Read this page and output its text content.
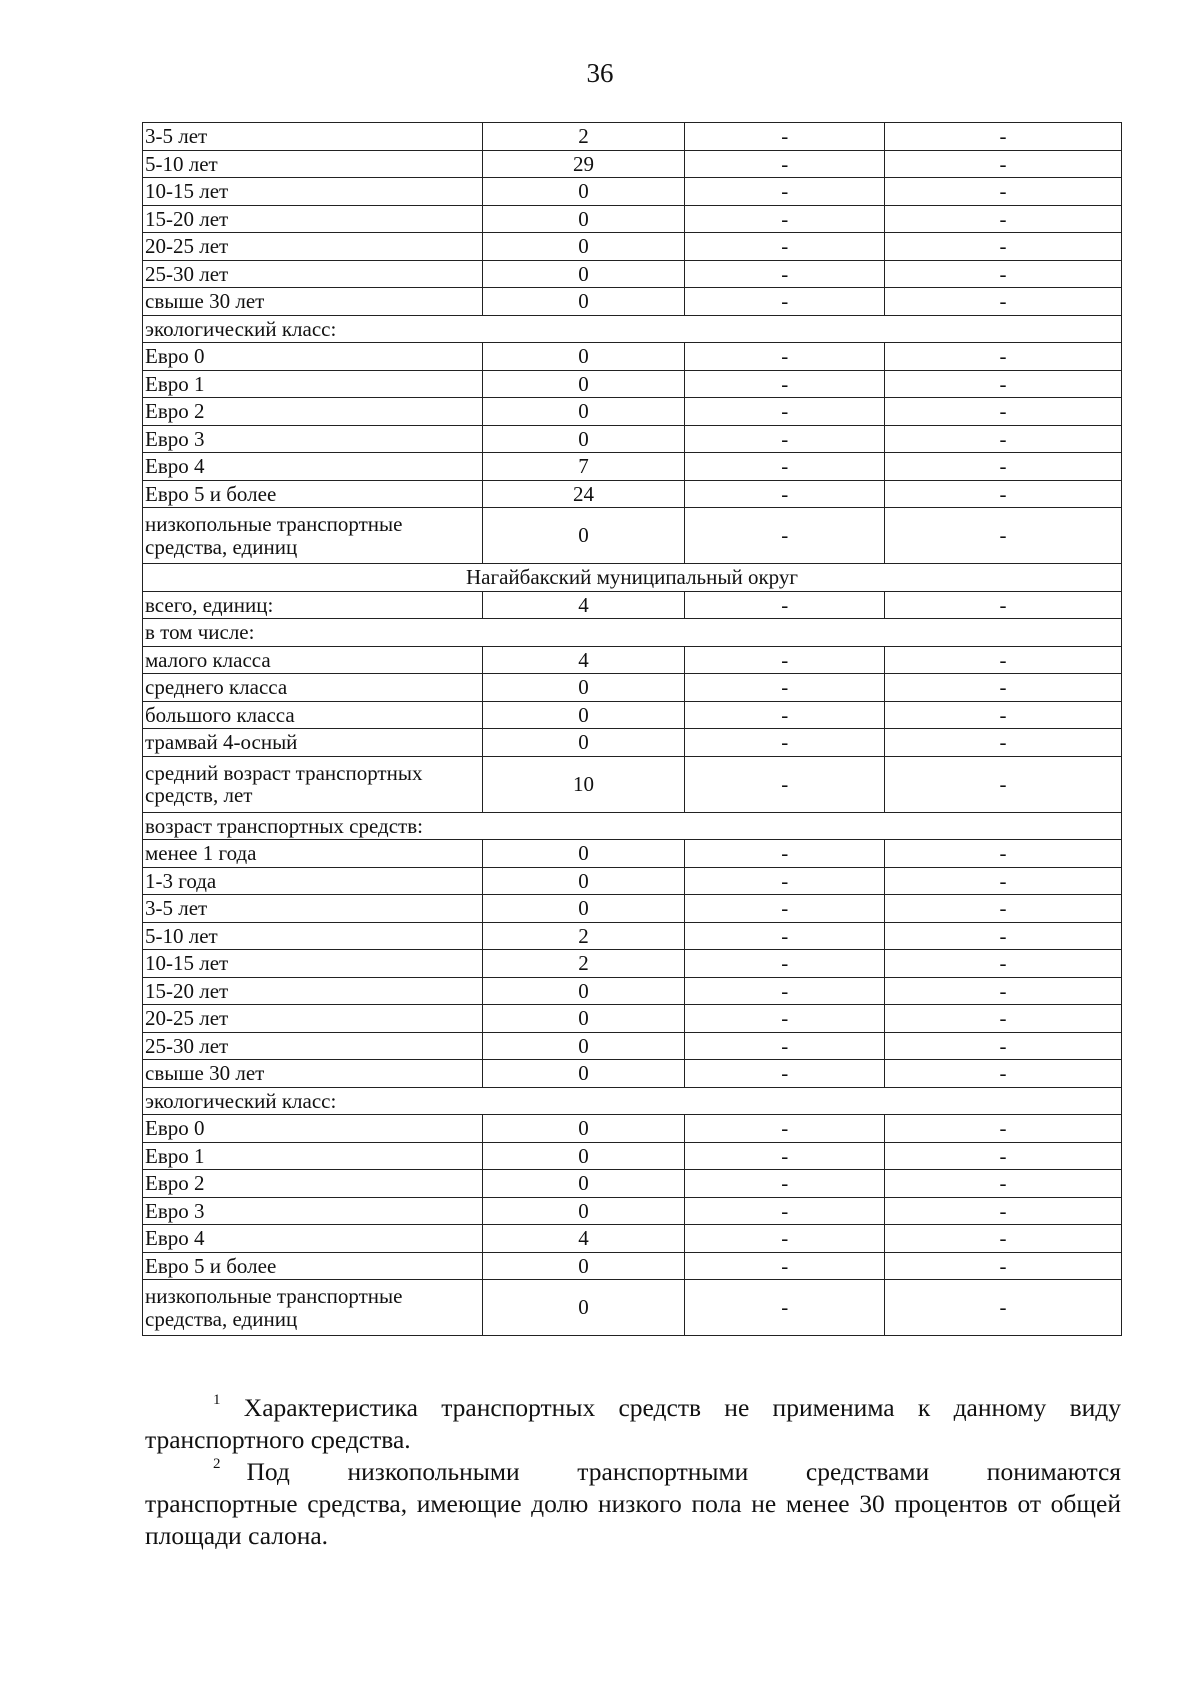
36
3-5 лет	2	-	-
5-10 лет	29	-	-
10-15 лет	0	-	-
15-20 лет	0	-	-
20-25 лет	0	-	-
25-30 лет	0	-	-
свыше 30 лет	0	-	-
экологический класс:			
Евро 0	0	-	-
Евро 1	0	-	-
Евро 2	0	-	-
Евро 3	0	-	-
Евро 4	7	-	-
Евро 5 и более	24	-	-
низкопольные транспортные средства, единиц	0	-	-
Нагайбакский муниципальный округ			
всего, единиц:	4	-	-
в том числе:			
малого класса	4	-	-
среднего класса	0	-	-
большого класса	0	-	-
трамвай 4-осный	0	-	-
средний возраст транспортных средств, лет	10	-	-
возраст транспортных средств:			
менее 1 года	0	-	-
1-3 года	0	-	-
3-5 лет	0	-	-
5-10 лет	2	-	-
10-15 лет	2	-	-
15-20 лет	0	-	-
20-25 лет	0	-	-
25-30 лет	0	-	-
свыше 30 лет	0	-	-
экологический класс:			
Евро 0	0	-	-
Евро 1	0	-	-
Евро 2	0	-	-
Евро 3	0	-	-
Евро 4	4	-	-
Евро 5 и более	0	-	-
низкопольные транспортные средства, единиц	0	-	-

$^1$ Характеристика транспортных средств не применима к данному виду транспортного средства.

$^2$ Под низкопольными транспортными средствами понимаются
транспортные средства, имеющие долю низкого пола не менее 30 процентов от общей площади салона.
